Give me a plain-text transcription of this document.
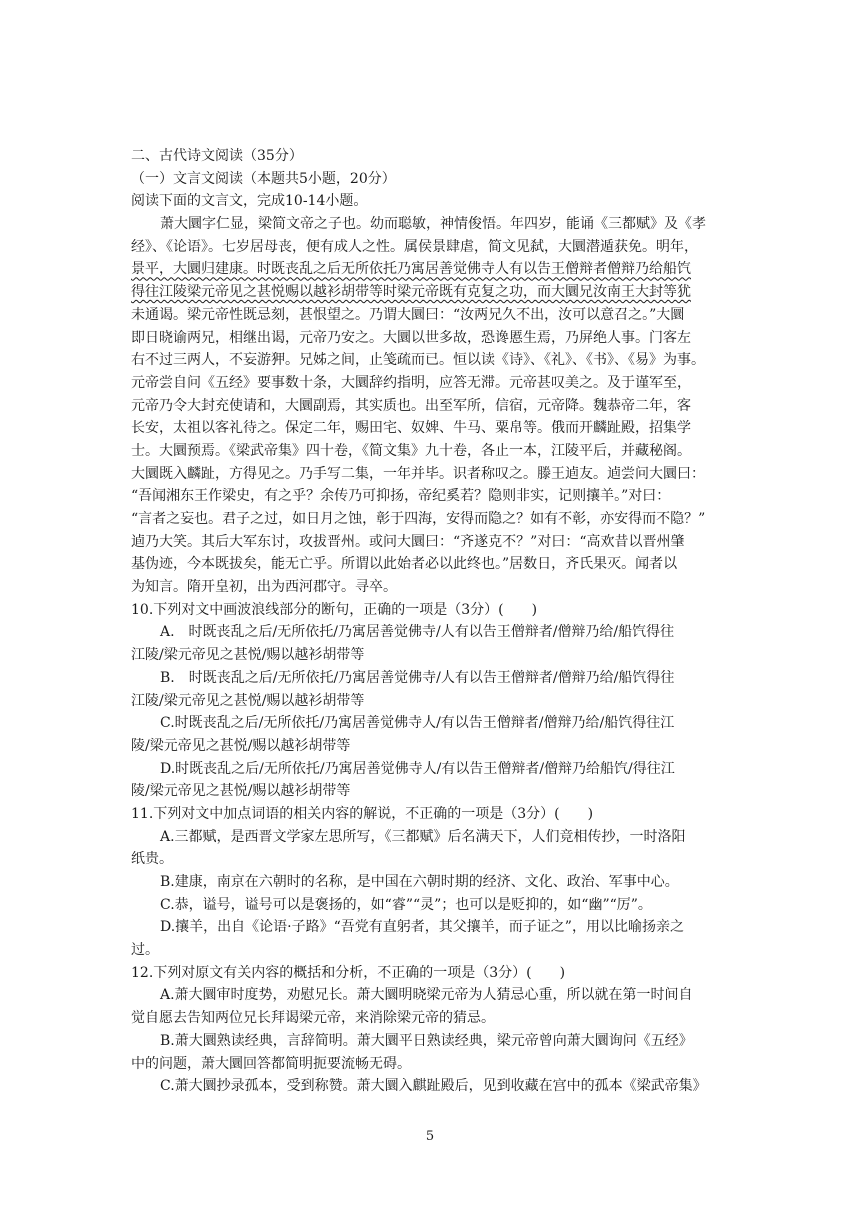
二、古代诗文阅读（35分）
（一）文言文阅读（本题共5小题，20分）
阅读下面的文言文，完成10-14小题。
萧大圜字仁显，梁简文帝之子也。幼而聪敏，神情俊悟。年四岁，能诵《三都赋》及《孝
经》、《论语》。七岁居母丧，便有成人之性。属侯景肆虐，简文见弑，大圜潜遁获免。明年，
景平，大圜归建康。时既丧乱之后无所依托乃寓居善觉佛寺人有以告王僧辩者僧辩乃给船饩
得往江陵梁元帝见之甚悦赐以越衫胡带等时梁元帝既有克复之功，而大圜兄汝南王大封等犹
未通谒。梁元帝性既忌刻，甚恨望之。乃谓大圜曰：“汝两兄久不出，汝可以意召之。”大圜
即日晓谕两兄，相继出谒，元帝乃安之。大圜以世多故，恐谗慝生焉，乃屏绝人事。门客左
右不过三两人，不妄游狎。兄姊之间，止笺疏而已。恒以读《诗》、《礼》、《书》、《易》为事。
元帝尝自问《五经》要事数十条，大圜辞约指明，应答无滞。元帝甚叹美之。及于谨军至，
元帝乃令大封充使请和，大圜副焉，其实质也。出至军所，信宿，元帝降。魏恭帝二年，客
长安，太祖以客礼待之。保定二年，赐田宅、奴婢、牛马、粟帛等。俄而开麟趾殿，招集学
士。大圜预焉。《梁武帝集》四十卷，《简文集》九十卷，各止一本，江陵平后，并藏秘阁。
大圜既入麟趾，方得见之。乃手写二集，一年并毕。识者称叹之。滕王逌友。逌尝问大圜曰：
“吾闻湘东王作梁史，有之乎？余传乃可抑扬，帝纪奚若？隐则非实，记则攘羊。”对曰：
“言者之妄也。君子之过，如日月之蚀，彰于四海，安得而隐之？如有不彰，亦安得而不隐？”
逌乃大笑。其后大军东讨，攻拔晋州。或问大圜曰：“齐遂克不？”对曰：“高欢昔以晋州肇
基伪迹，今本既拔矣，能无亡乎。所谓以此始者必以此终也。”居数日，齐氏果灭。闻者以
为知言。隋开皇初，出为西河郡守。寻卒。
10.下列对文中画波浪线部分的断句，正确的一项是（3分）(　　)
A.　时既丧乱之后/无所依托/乃寓居善觉佛寺/人有以告王僧辩者/僧辩乃给/船饩得往
江陵/梁元帝见之甚悦/赐以越衫胡带等
B.　时既丧乱之后/无所依托/乃寓居善觉佛寺/人有以告王僧辩者/僧辩乃给/船饩得往
江陵/梁元帝见之甚悦/赐以越衫胡带等
C.时既丧乱之后/无所依托/乃寓居善觉佛寺人/有以告王僧辩者/僧辩乃给/船饩得往江
陵/梁元帝见之甚悦/赐以越衫胡带等
D.时既丧乱之后/无所依托/乃寓居善觉佛寺人/有以告王僧辩者/僧辩乃给船饩/得往江
陵/梁元帝见之甚悦/赐以越衫胡带等
11.下列对文中加点词语的相关内容的解说，不正确的一项是（3分）(　　)
A.三都赋，是西晋文学家左思所写，《三都赋》后名满天下，人们竞相传抄，一时洛阳
纸贵。
B.建康，南京在六朝时的名称，是中国在六朝时期的经济、文化、政治、军事中心。
C.恭，谥号，谥号可以是褒扬的，如“睿”“灵”；也可以是贬抑的，如“幽”“厉”。
D.攘羊，出自《论语·子路》“吾党有直躬者，其父攘羊，而子证之”，用以比喻扬亲之
过。
12.下列对原文有关内容的概括和分析，不正确的一项是（3分）(　　)
A.萧大圜审时度势，劝慰兄长。萧大圜明晓梁元帝为人猜忌心重，所以就在第一时间自
觉自愿去告知两位兄长拜谒梁元帝，来消除梁元帝的猜忌。
B.萧大圜熟读经典，言辞简明。萧大圜平日熟读经典，梁元帝曾向萧大圜询问《五经》
中的问题，萧大圜回答都简明扼要流畅无碍。
C.萧大圜抄录孤本，受到称赞。萧大圜入麒趾殿后，见到收藏在宫中的孤本《梁武帝集》
5
